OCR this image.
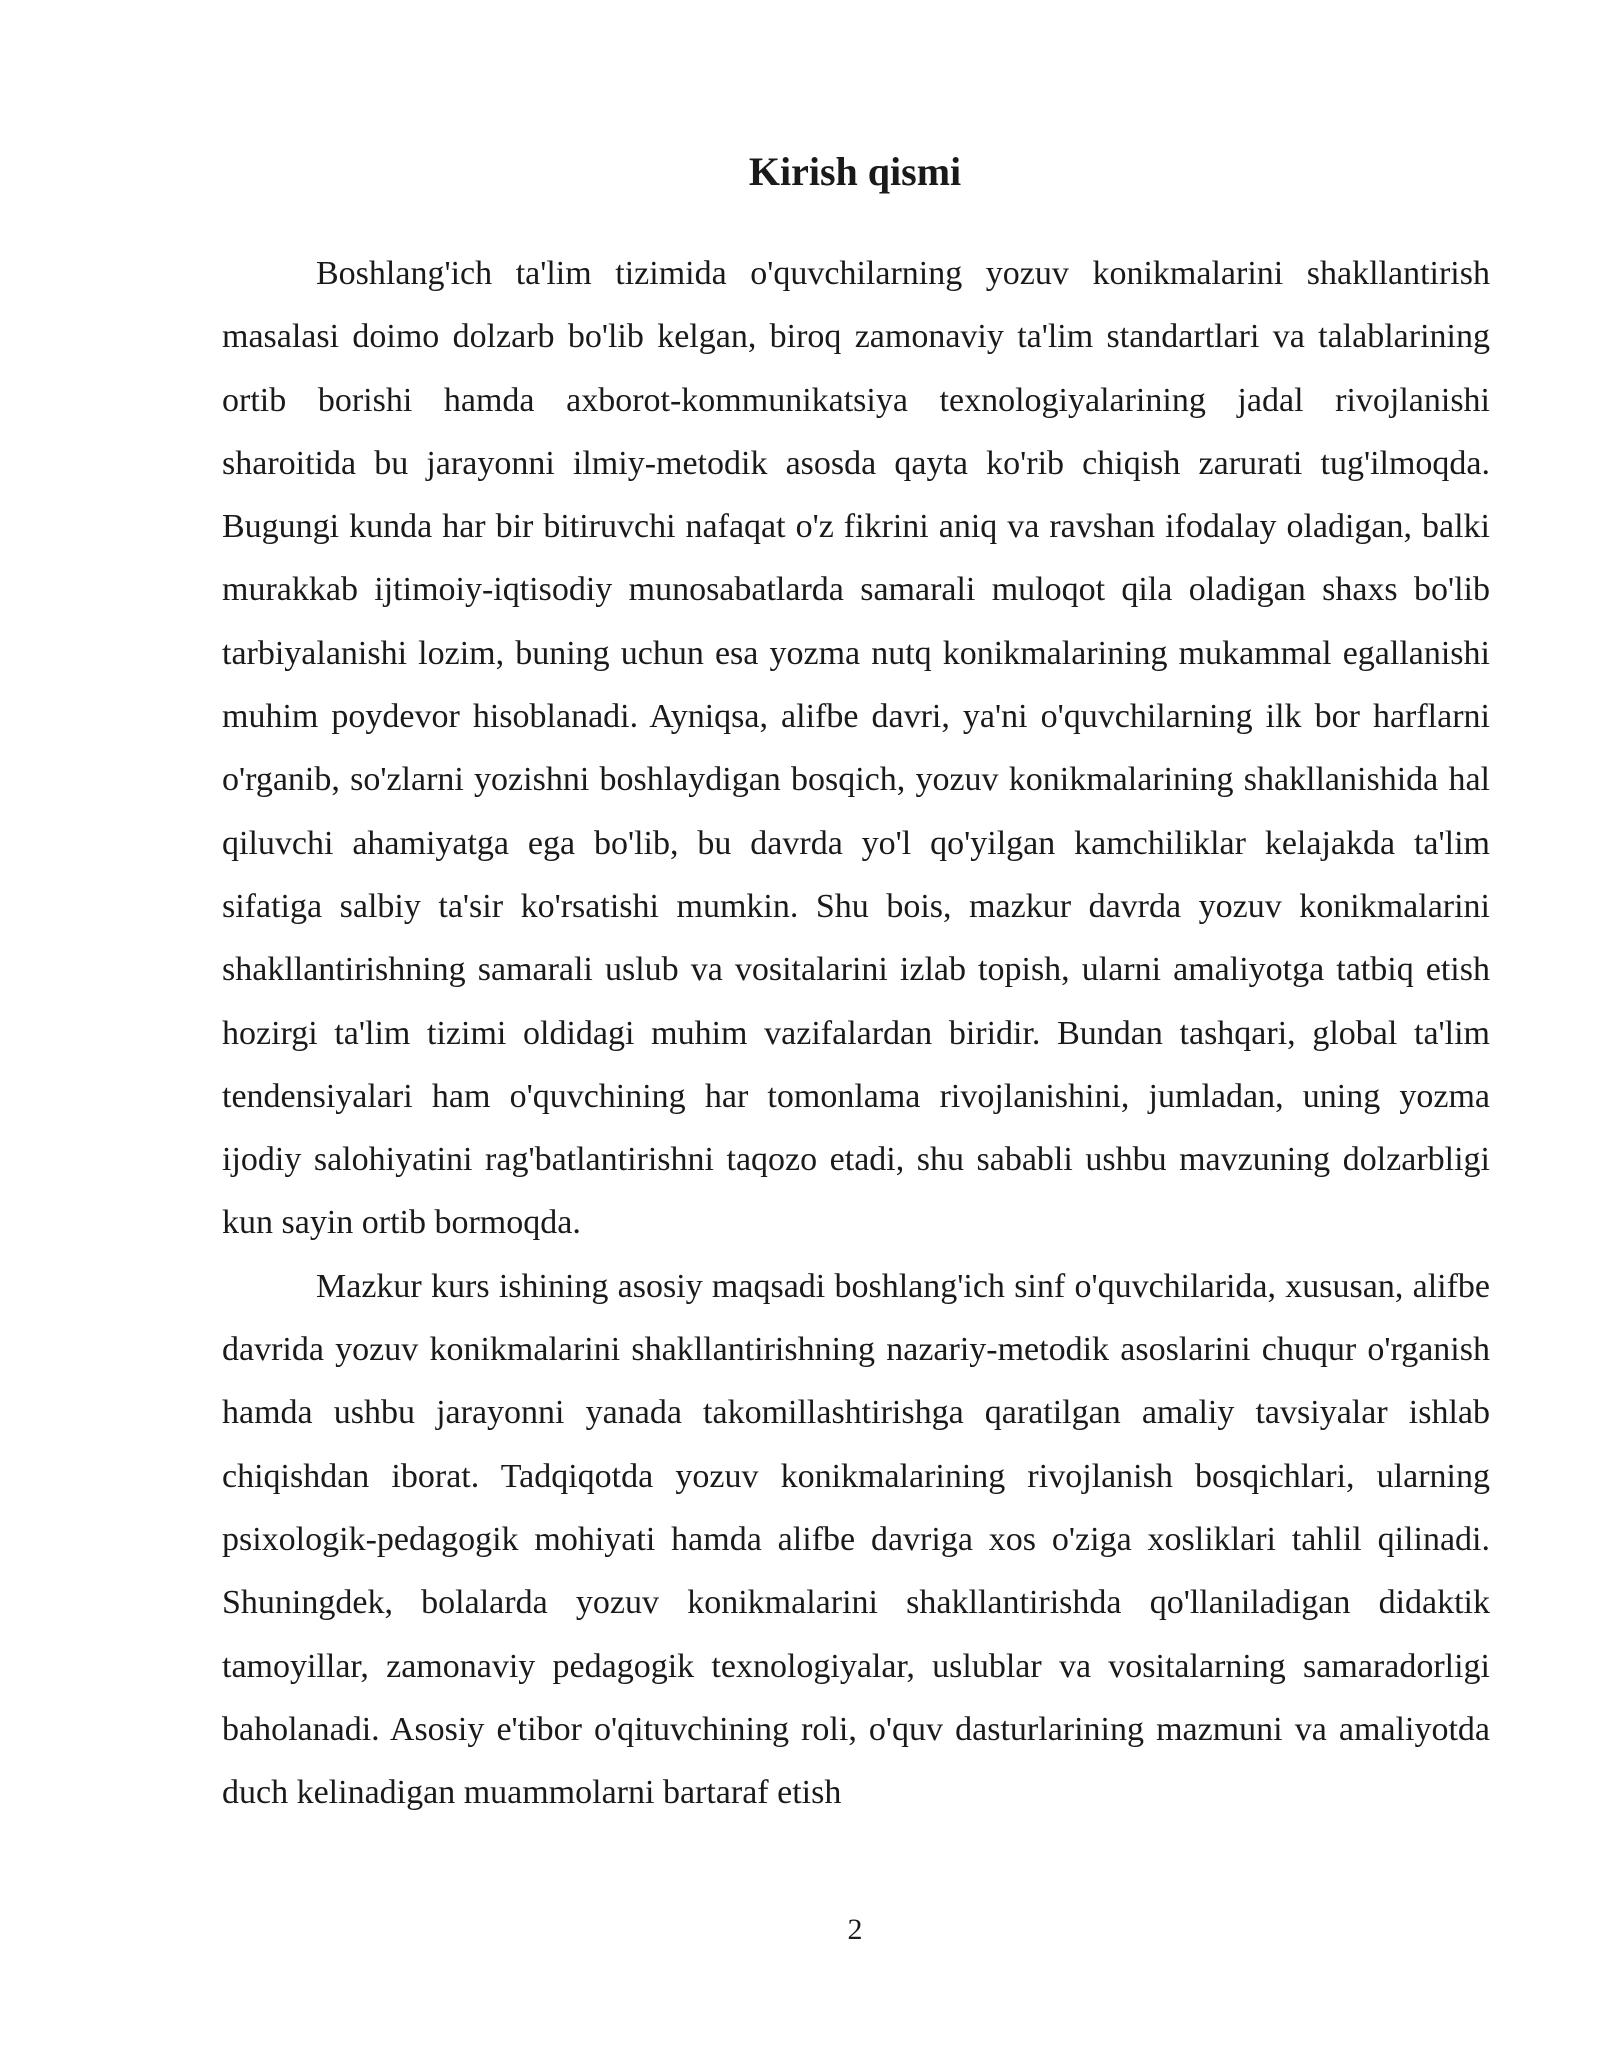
Kirish qismi

Boshlang'ich ta'lim tizimida o'quvchilarning yozuv konikmalarini shakllantirish masalasi doimo dolzarb bo'lib kelgan, biroq zamonaviy ta'lim standartlari va talablarining ortib borishi hamda axborot-kommunikatsiya texnologiyalarining jadal rivojlanishi sharoitida bu jarayonni ilmiy-metodik asosda qayta ko'rib chiqish zarurati tug'ilmoqda. Bugungi kunda har bir bitiruvchi nafaqat o'z fikrini aniq va ravshan ifodalay oladigan, balki murakkab ijtimoiy-iqtisodiy munosabatlarda samarali muloqot qila oladigan shaxs bo'lib tarbiyalanishi lozim, buning uchun esa yozma nutq konikmalarining mukammal egallanishi muhim poydevor hisoblanadi. Ayniqsa, alifbe davri, ya'ni o'quvchilarning ilk bor harflarni o'rganib, so'zlarni yozishni boshlaydigan bosqich, yozuv konikmalarining shakllanishida hal qiluvchi ahamiyatga ega bo'lib, bu davrda yo'l qo'yilgan kamchiliklar kelajakda ta'lim sifatiga salbiy ta'sir ko'rsatishi mumkin. Shu bois, mazkur davrda yozuv konikmalarini shakllantirishning samarali uslub va vositalarini izlab topish, ularni amaliyotga tatbiq etish hozirgi ta'lim tizimi oldidagi muhim vazifalardan biridir. Bundan tashqari, global ta'lim tendensiyalari ham o'quvchining har tomonlama rivojlanishini, jumladan, uning yozma ijodiy salohiyatini rag'batlantirishni taqozo etadi, shu sababli ushbu mavzuning dolzarbligi kun sayin ortib bormoqda.

Mazkur kurs ishining asosiy maqsadi boshlang'ich sinf o'quvchilarida, xususan, alifbe davrida yozuv konikmalarini shakllantirishning nazariy-metodik asoslarini chuqur o'rganish hamda ushbu jarayonni yanada takomillashtirishga qaratilgan amaliy tavsiyalar ishlab chiqishdan iborat. Tadqiqotda yozuv konikmalarining rivojlanish bosqichlari, ularning psixologik-pedagogik mohiyati hamda alifbe davriga xos o'ziga xosliklari tahlil qilinadi. Shuningdek, bolalarda yozuv konikmalarini shakllantirishda qo'llaniladigan didaktik tamoyillar, zamonaviy pedagogik texnologiyalar, uslublar va vositalarning samaradorligi baholanadi. Asosiy e'tibor o'qituvchining roli, o'quv dasturlarining mazmuni va amaliyotda duch kelinadigan muammolarni bartaraf etish

2
